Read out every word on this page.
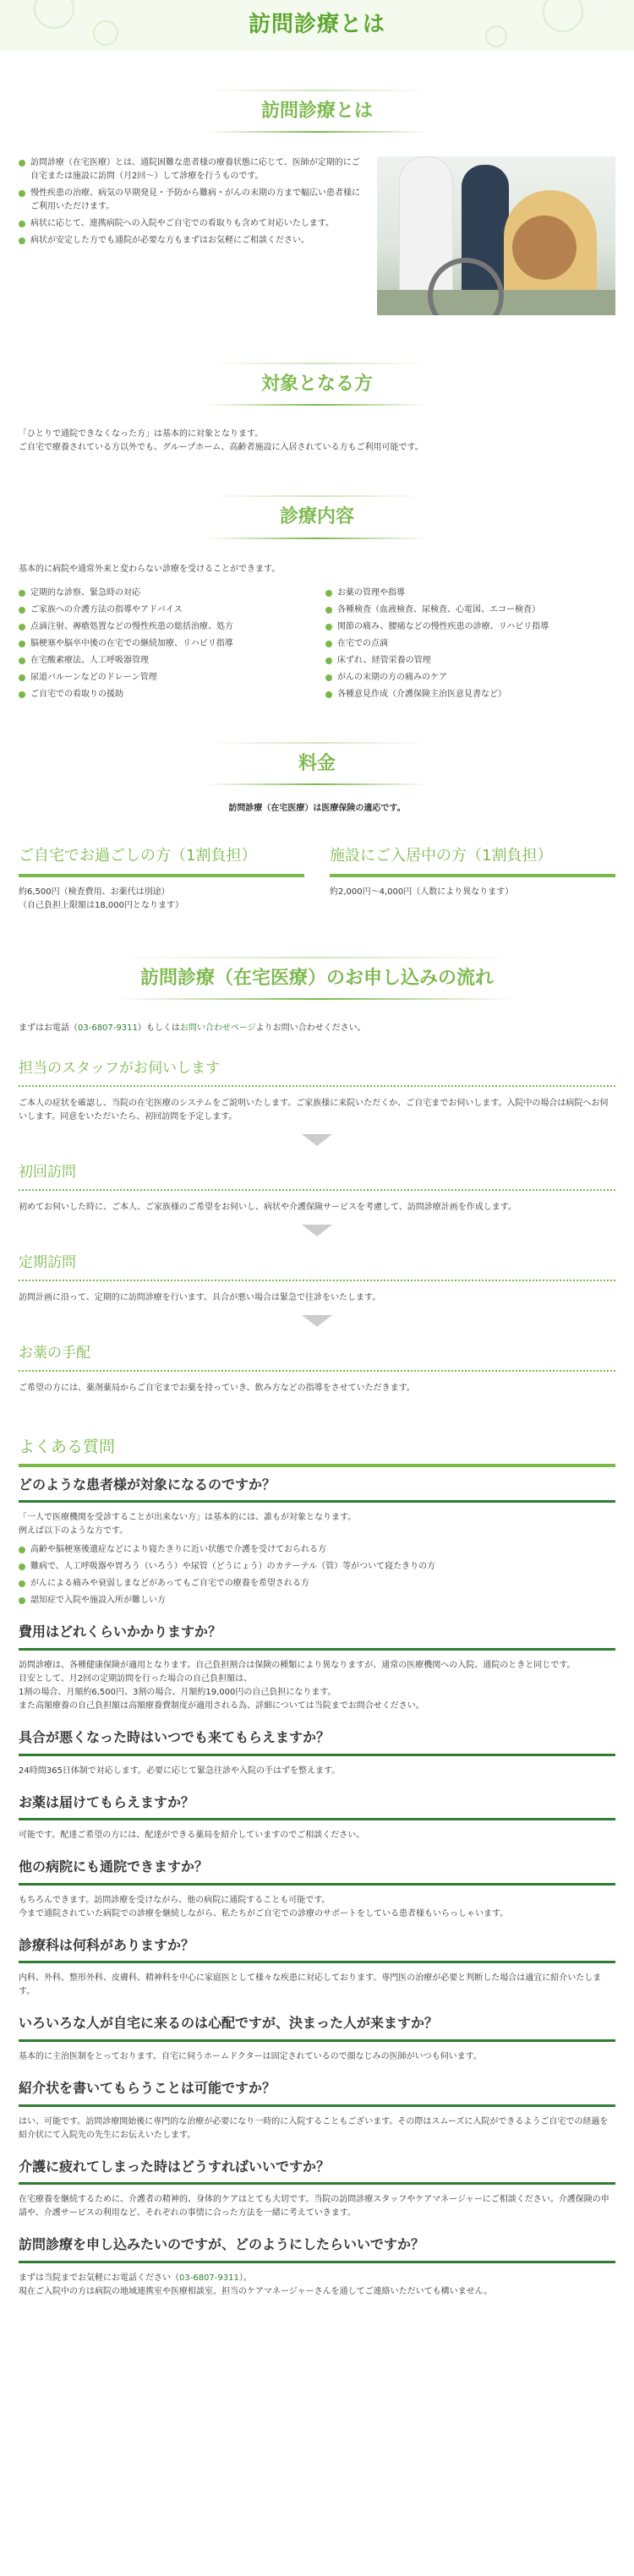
訪問診療とは
訪問診療とは
訪問診療（在宅医療）とは、通院困難な患者様の療養状態に応じて、医師が定期的にご自宅または施設に訪問（月2回～）して診療を行うものです。
慢性疾患の治療、病気の早期発見・予防から難病・がんの末期の方まで幅広い患者様にご利用いただけます。
病状に応じて、連携病院への入院やご自宅での看取りも含めて対応いたします。
病状が安定した方でも通院が必要な方もまずはお気軽にご相談ください。
対象となる方

「ひとりで通院できなくなった方」は基本的に対象となります。

ご自宅で療養されている方以外でも、グループホーム、高齢者施設に入居されている方もご利用可能です。

診療内容

基本的に病院や通常外来と変わらない診療を受けることができます。

定期的な診察、緊急時の対応
ご家族への介護方法の指導やアドバイス
点滴注射、褥瘡処置などの慢性疾患の総括治療、処方
脳梗塞や脳卒中後の在宅での継続加療、リハビリ指導
在宅酸素療法、人工呼吸器管理
尿道バルーンなどのドレーン管理
ご自宅での看取りの援助
お薬の管理や指導
各種検査（血液検査、尿検査、心電図、エコー検査）
関節の痛み、腰痛などの慢性疾患の診療、リハビリ指導
在宅での点滴
床ずれ、経管栄養の管理
がんの末期の方の痛みのケア
各種意見作成（介護保険主治医意見書など）
料金

訪問診療（在宅医療）は医療保険の適応です。

ご自宅でお過ごしの方（1割負担）

約6,500円（検査費用、お薬代は別途）

（自己負担上限額は18,000円となります）

施設にご入居中の方（1割負担）

約2,000円～4,000円（人数により異なります）

訪問診療（在宅医療）のお申し込みの流れ

まずはお電話（03-6807-9311）もしくはお問い合わせページよりお問い合わせください。

担当のスタッフがお伺いします

ご本人の症状を確認し、当院の在宅医療のシステムをご説明いたします。ご家族様に来院いただくか、ご自宅までお伺いします。入院中の場合は病院へお伺いします。同意をいただいたら、初回訪問を予定します。

初回訪問

初めてお伺いした時に、ご本人、ご家族様のご希望をお伺いし、病状や介護保険サービスを考慮して、訪問診療計画を作成します。

定期訪問

訪問計画に沿って、定期的に訪問診療を行います。具合が悪い場合は緊急で往診をいたします。

お薬の手配

ご希望の方には、薬剤薬局からご自宅までお薬を持っていき、飲み方などの指導をさせていただきます。

よくある質問
どのような患者様が対象になるのですか？

「一人で医療機関を受診することが出来ない方」は基本的には、誰もが対象となります。

例えば以下のような方です。

高齢や脳梗塞後遺症などにより寝たきりに近い状態で介護を受けておられる方
難病で、人工呼吸器や胃ろう（いろう）や尿管（どうにょう）のカテーテル（管）等がついて寝たきりの方
がんによる痛みや衰弱しまなどがあってもご自宅での療養を希望される方
認知症で入院や施設入所が難しい方
費用はどれくらいかかりますか？

訪問診療は、各種健康保険が適用となります。自己負担割合は保険の種類により異なりますが、通常の医療機関への入院、通院のときと同じです。

目安として、月2回の定期訪問を行った場合の自己負担額は、

1割の場合、月額約6,500円、3割の場合、月額約19,000円の自己負担になります。

また高額療養の自己負担額は高額療養費制度が適用される為、詳細については当院までお問合せください。

具合が悪くなった時はいつでも来てもらえますか？

24時間365日体制で対応します。必要に応じて緊急往診や入院の手はずを整えます。

お薬は届けてもらえますか？

可能です。配達ご希望の方には、配達ができる薬局を紹介していますのでご相談ください。

他の病院にも通院できますか？

もちろんできます。訪問診療を受けながら、他の病院に通院することも可能です。

今まで通院されていた病院での診療を継続しながら、私たちがご自宅での診療のサポートをしている患者様もいらっしゃいます。

診療科は何科がありますか？

内科、外科、整形外科、皮膚科、精神科を中心に家庭医として様々な疾患に対応しております。専門医の治療が必要と判断した場合は適宜に紹介いたします。

いろいろな人が自宅に来るのは心配ですが、決まった人が来ますか？

基本的に主治医制をとっております。自宅に伺うホームドクターは固定されているので顔なじみの医師がいつも伺います。

紹介状を書いてもらうことは可能ですか？

はい、可能です。訪問診療開始後に専門的な治療が必要になり一時的に入院することもございます。その際はスムーズに入院ができるようご自宅での経過を紹介状にて入院先の先生にお伝えいたします。

介護に疲れてしまった時はどうすればいいですか？

在宅療養を継続するために、介護者の精神的、身体的ケアはとても大切です。当院の訪問診療スタッフやケアマネージャーにご相談ください。介護保険の申請や、介護サービスの利用など、それぞれの事情に合った方法を一緒に考えていきます。

訪問診療を申し込みたいのですが、どのようにしたらいいですか？

まずは当院までお気軽にお電話ください（03-6807-9311）。

現在ご入院中の方は病院の地域連携室や医療相談室、担当のケアマネージャーさんを通してご連絡いただいても構いません。
